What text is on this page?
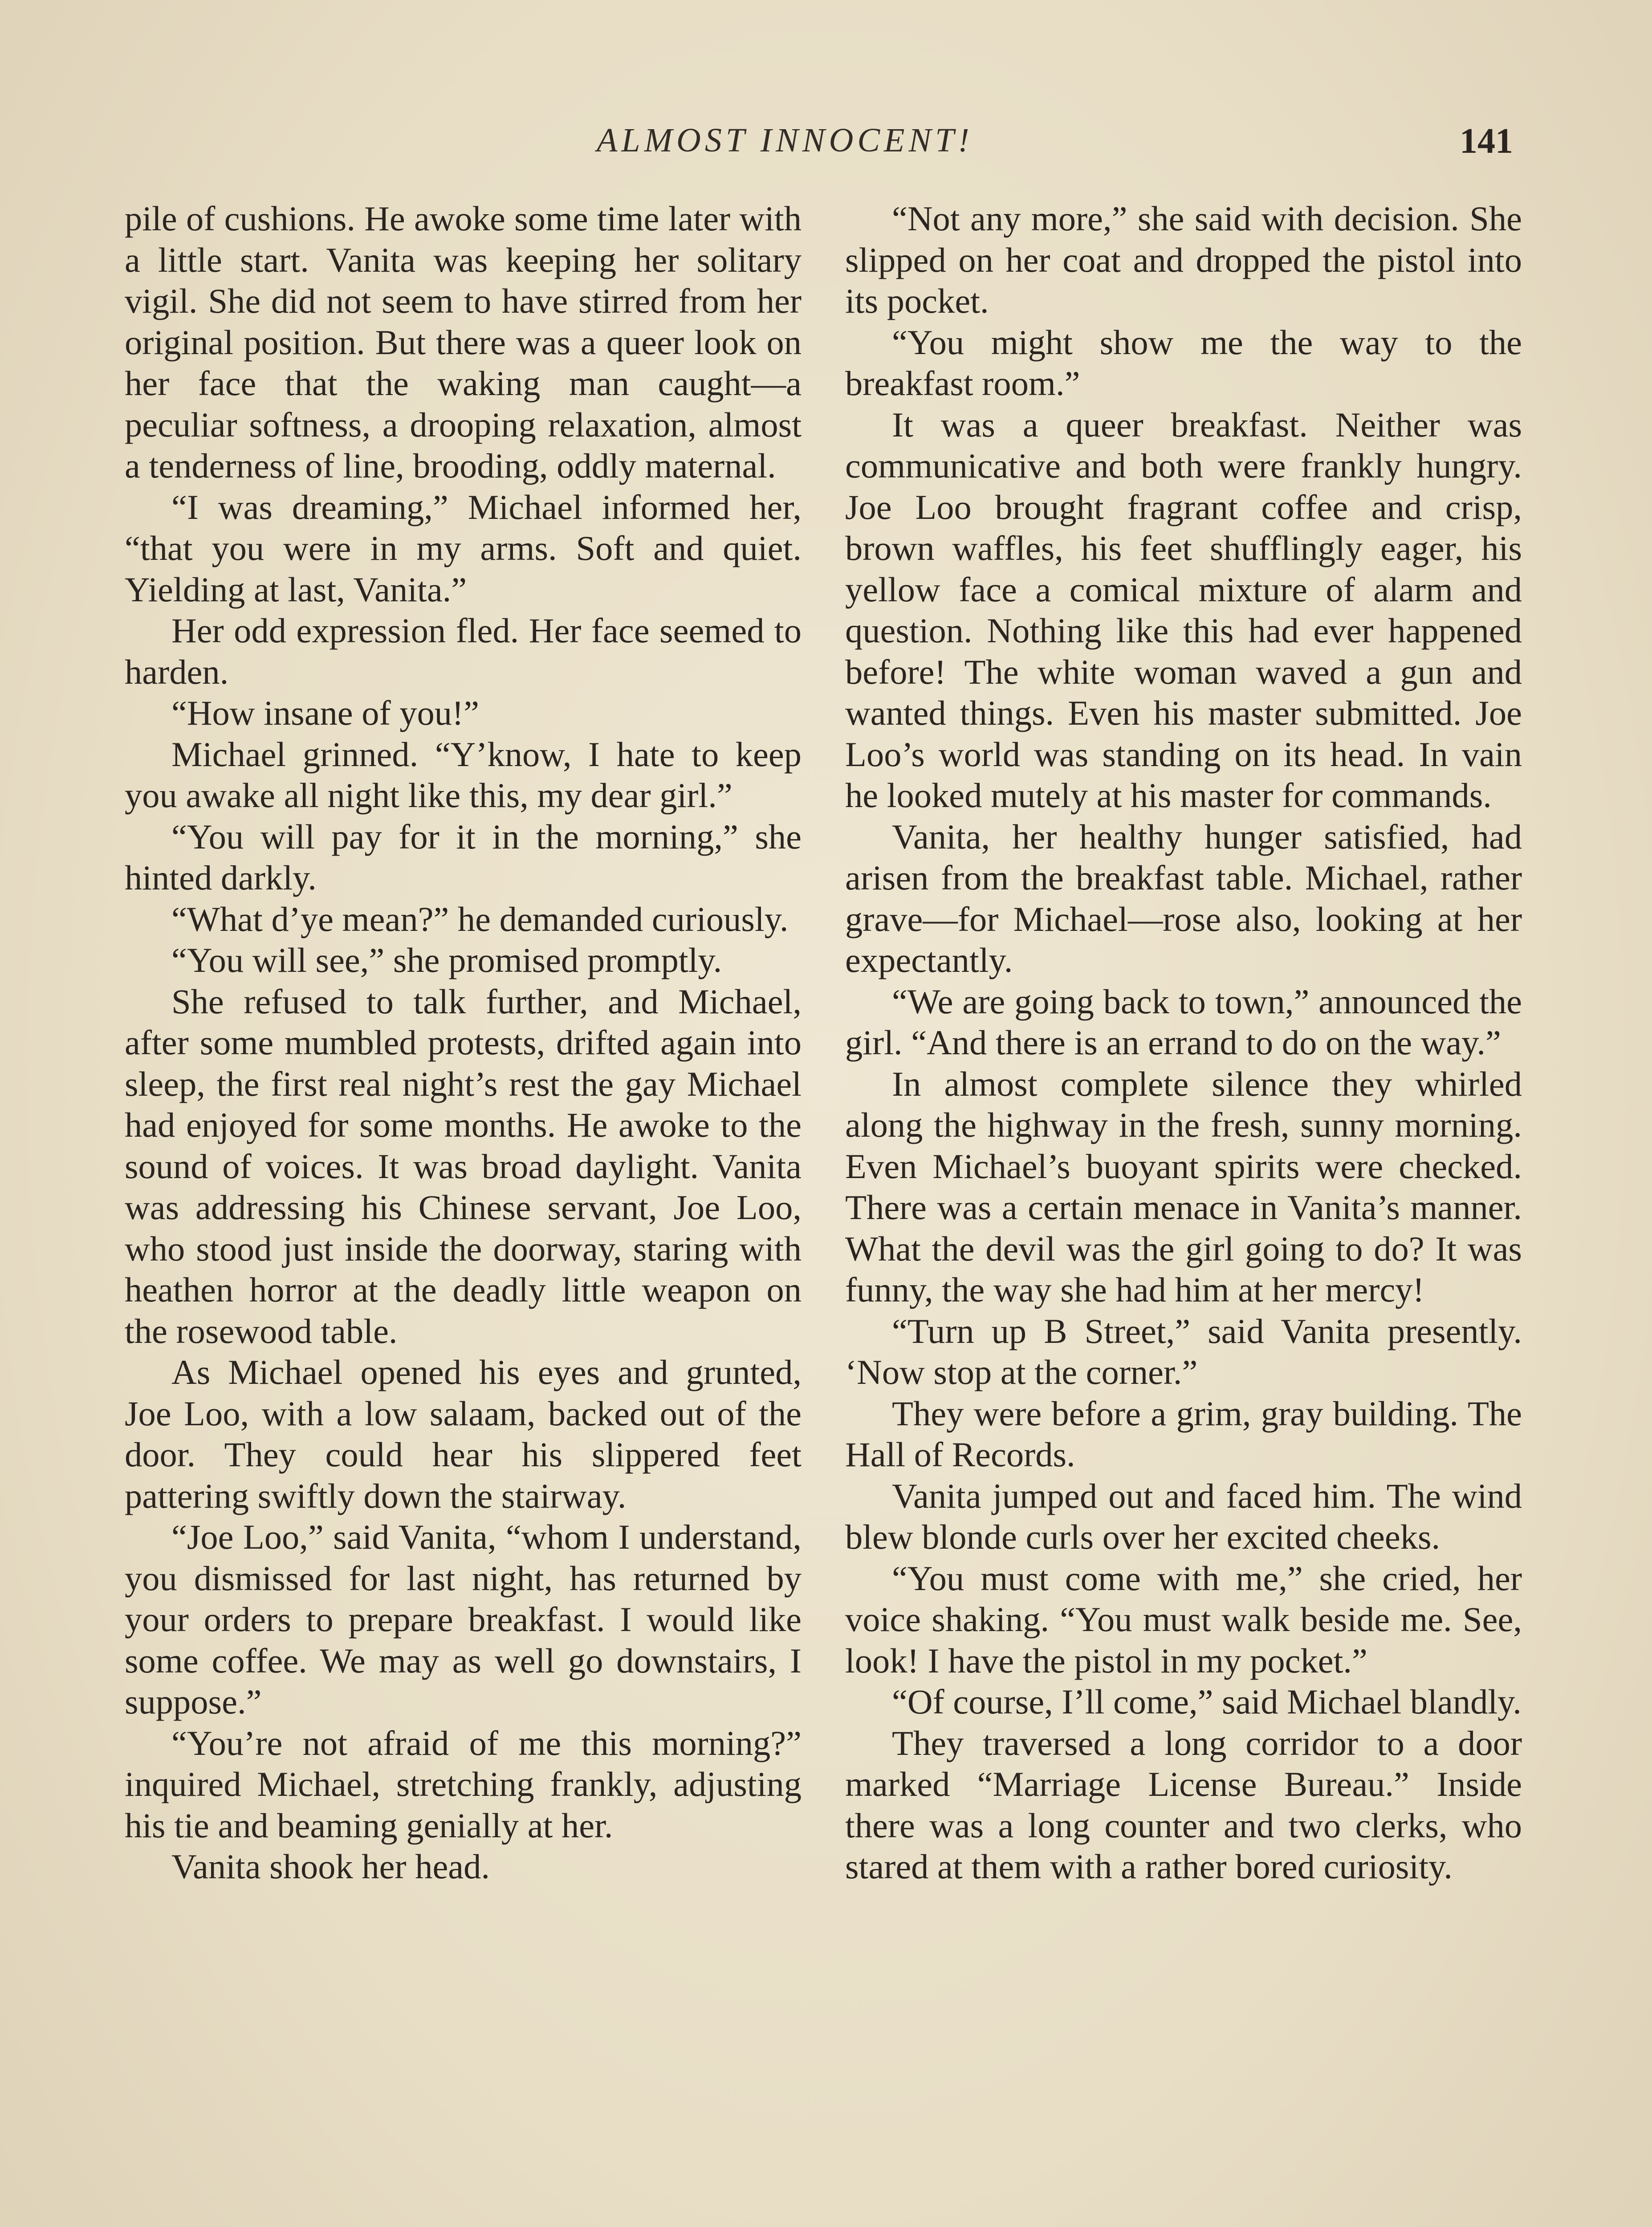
ALMOST INNOCENT!	141

pile of cushions. He awoke some time later with a little start. Vanita was keeping her solitary vigil. She did not seem to have stirred from her original position. But there was a queer look on her face that the waking man caught—a peculiar softness, a drooping relaxation, almost a tenderness of line, brooding, oddly maternal.

“I was dreaming,” Michael informed her, “that you were in my arms. Soft and quiet. Yielding at last, Vanita.”

Her odd expression fled. Her face seemed to harden.

“How insane of you!”

Michael grinned. “Y’know, I hate to keep you awake all night like this, my dear girl.”

“You will pay for it in the morning,” she hinted darkly.

“What d’ye mean?” he demanded curiously.

“You will see,” she promised promptly.

She refused to talk further, and Michael, after some mumbled protests, drifted again into sleep, the first real night’s rest the gay Michael had enjoyed for some months. He awoke to the sound of voices. It was broad daylight. Vanita was addressing his Chinese servant, Joe Loo, who stood just inside the doorway, staring with heathen horror at the deadly little weapon on the rosewood table.

As Michael opened his eyes and grunted, Joe Loo, with a low salaam, backed out of the door. They could hear his slippered feet pattering swiftly down the stairway.

“Joe Loo,” said Vanita, “whom I understand, you dismissed for last night, has returned by your orders to prepare breakfast. I would like some coffee. We may as well go downstairs, I suppose.”

“You’re not afraid of me this morning?” inquired Michael, stretching frankly, adjusting his tie and beaming genially at her.

Vanita shook her head.

“Not any more,” she said with decision. She slipped on her coat and dropped the pistol into its pocket.

“You might show me the way to the breakfast room.”

It was a queer breakfast. Neither was communicative and both were frankly hungry. Joe Loo brought fragrant coffee and crisp, brown waffles, his feet shufflingly eager, his yellow face a comical mixture of alarm and question. Nothing like this had ever happened before! The white woman waved a gun and wanted things. Even his master submitted. Joe Loo’s world was standing on its head. In vain he looked mutely at his master for commands.

Vanita, her healthy hunger satisfied, had arisen from the breakfast table. Michael, rather grave—for Michael—rose also, looking at her expectantly.

“We are going back to town,” announced the girl. “And there is an errand to do on the way.”

In almost complete silence they whirled along the highway in the fresh, sunny morning. Even Michael’s buoyant spirits were checked. There was a certain menace in Vanita’s manner. What the devil was the girl going to do? It was funny, the way she had him at her mercy!

“Turn up B Street,” said Vanita presently. ‘Now stop at the corner.”

They were before a grim, gray building. The Hall of Records.

Vanita jumped out and faced him. The wind blew blonde curls over her excited cheeks.

“You must come with me,” she cried, her voice shaking. “You must walk beside me. See, look! I have the pistol in my pocket.”

“Of course, I’ll come,” said Michael blandly.

They traversed a long corridor to a door marked “Marriage License Bureau.” Inside there was a long counter and two clerks, who stared at them with a rather bored curiosity.
